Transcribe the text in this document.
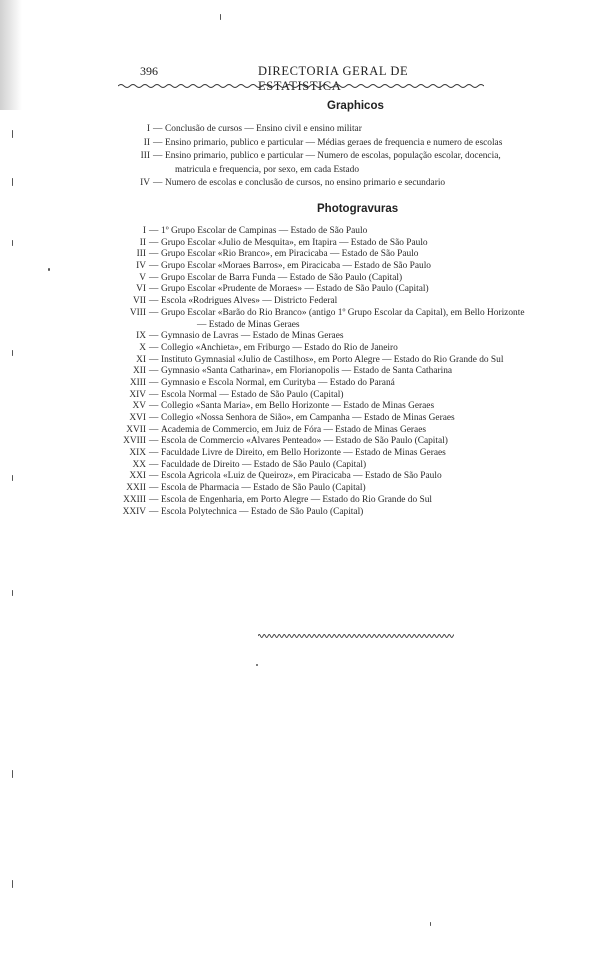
396	DIRECTORIA GERAL DE ESTATISTICA
Graphicos
I — Conclusão de cursos — Ensino civil e ensino militar
II — Ensino primario, publico e particular — Médias geraes de frequencia e numero de escolas
III — Ensino primario, publico e particular — Numero de escolas, população escolar, docencia,
matricula e frequencia, por sexo, em cada Estado
IV — Numero de escolas e conclusão de cursos, no ensino primario e secundario
Photogravuras
I — 1º Grupo Escolar de Campinas — Estado de São Paulo
II — Grupo Escolar «Julio de Mesquita», em Itapira — Estado de São Paulo
III — Grupo Escolar «Rio Branco», em Piracicaba — Estado de São Paulo
IV — Grupo Escolar «Moraes Barros», em Piracicaba — Estado de São Paulo
V — Grupo Escolar de Barra Funda — Estado de São Paulo (Capital)
VI — Grupo Escolar «Prudente de Moraes» — Estado de São Paulo (Capital)
VII — Escola «Rodrigues Alves» — Districto Federal
VIII — Grupo Escolar «Barão do Rio Branco» (antigo 1º Grupo Escolar da Capital), em Bello Horizonte
— Estado de Minas Geraes
IX — Gymnasio de Lavras — Estado de Minas Geraes
X — Collegio «Anchieta», em Friburgo — Estado do Rio de Janeiro
XI — Instituto Gymnasial «Julio de Castilhos», em Porto Alegre — Estado do Rio Grande do Sul
XII — Gymnasio «Santa Catharina», em Florianopolis — Estado de Santa Catharina
XIII — Gymnasio e Escola Normal, em Curityba — Estado do Paraná
XIV — Escola Normal — Estado de São Paulo (Capital)
XV — Collegio «Santa Maria», em Bello Horizonte — Estado de Minas Geraes
XVI — Collegio «Nossa Senhora de Sião», em Campanha — Estado de Minas Geraes
XVII — Academia de Commercio, em Juiz de Fóra — Estado de Minas Geraes
XVIII — Escola de Commercio «Alvares Penteado» — Estado de São Paulo (Capital)
XIX — Faculdade Livre de Direito, em Bello Horizonte — Estado de Minas Geraes
XX — Faculdade de Direito — Estado de São Paulo (Capital)
XXI — Escola Agricola «Luiz de Queiroz», em Piracicaba — Estado de São Paulo
XXII — Escola de Pharmacia — Estado de São Paulo (Capital)
XXIII — Escola de Engenharia, em Porto Alegre — Estado do Rio Grande do Sul
XXIV — Escola Polytechnica — Estado de São Paulo (Capital)
